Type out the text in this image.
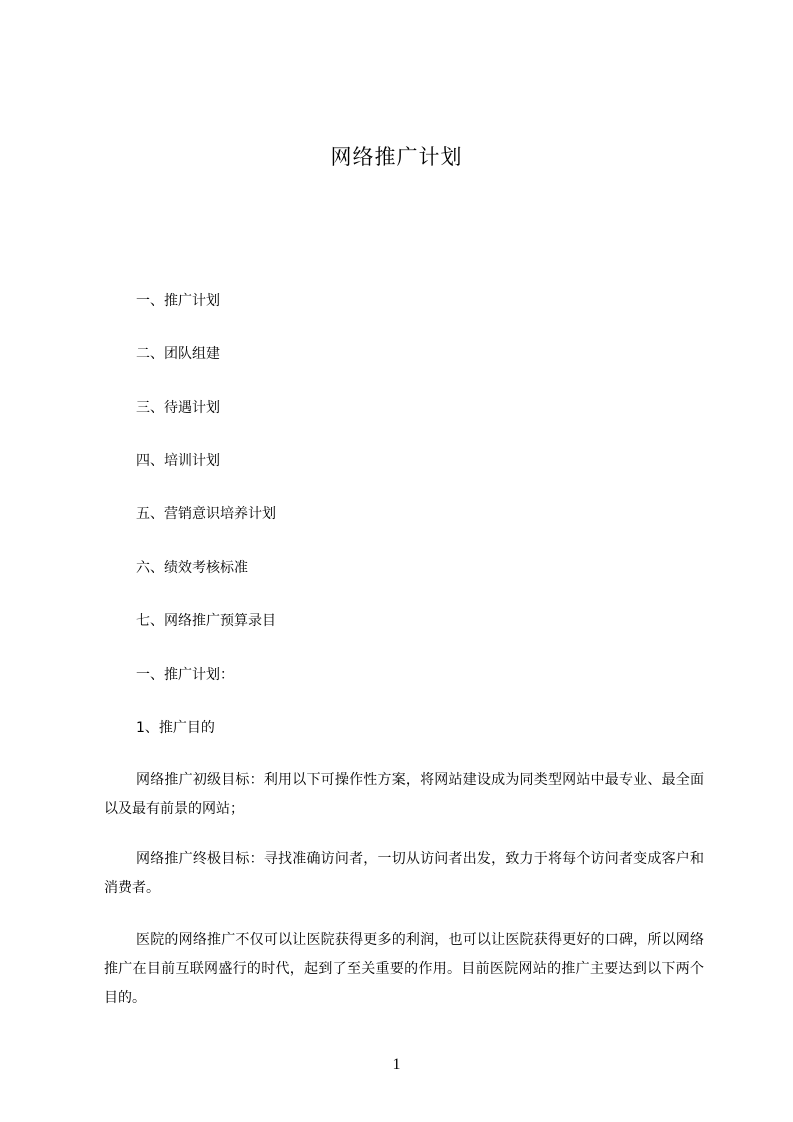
网络推广计划
一、推广计划
二、团队组建
三、待遇计划
四、培训计划
五、营销意识培养计划
六、绩效考核标准
七、网络推广预算录目
一、推广计划：
1、推广目的
网络推广初级目标：利用以下可操作性方案，将网站建设成为同类型网站中最专业、最全面以及最有前景的网站；
网络推广终极目标：寻找准确访问者，一切从访问者出发，致力于将每个访问者变成客户和消费者。
医院的网络推广不仅可以让医院获得更多的利润，也可以让医院获得更好的口碑，所以网络推广在目前互联网盛行的时代，起到了至关重要的作用。目前医院网站的推广主要达到以下两个目的。
1
